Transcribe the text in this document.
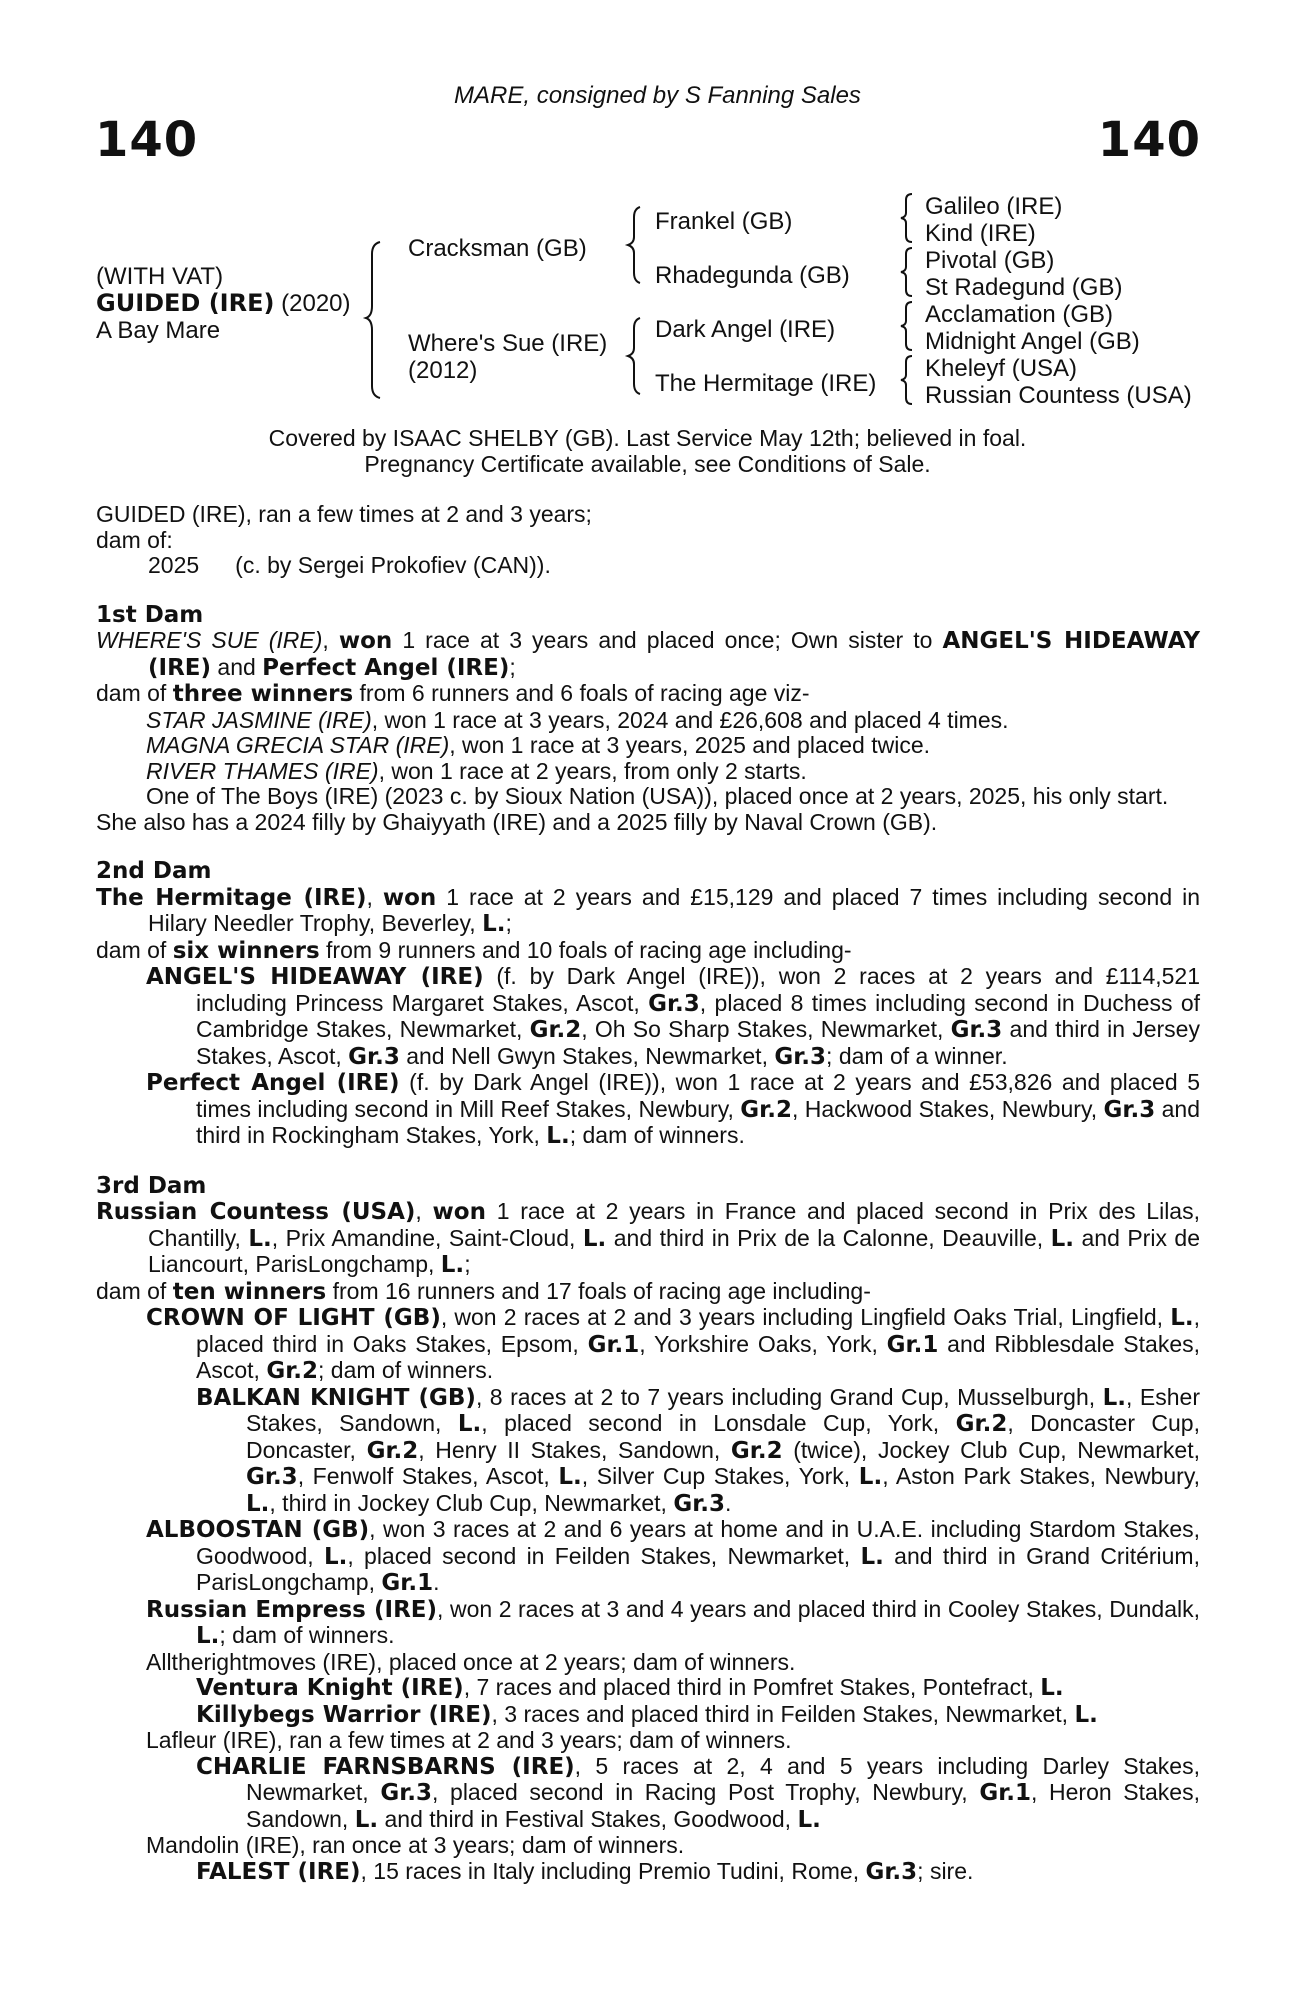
140	140
MARE, consigned by S Fanning Sales
(WITH VAT)
GUIDED (IRE) (2020)
A Bay Mare
Cracksman (GB)
Where's Sue (IRE)
(2012)
Frankel (GB)
Rhadegunda (GB)
Dark Angel (IRE)
The Hermitage (IRE)
Galileo (IRE)
Kind (IRE)
Pivotal (GB)
St Radegund (GB)
Acclamation (GB)
Midnight Angel (GB)
Kheleyf (USA)
Russian Countess (USA)
Covered by ISAAC SHELBY (GB). Last Service May 12th; believed in foal.
Pregnancy Certificate available, see Conditions of Sale.

GUIDED (IRE), ran a few times at 2 and 3 years;

dam of:

2025 (c. by Sergei Prokofiev (CAN)).

1st Dam

WHERE'S SUE (IRE), won 1 race at 3 years and placed once; Own sister to ANGEL'S HIDEAWAY (IRE) and Perfect Angel (IRE);

dam of three winners from 6 runners and 6 foals of racing age viz-

STAR JASMINE (IRE), won 1 race at 3 years, 2024 and £26,608 and placed 4 times.

MAGNA GRECIA STAR (IRE), won 1 race at 3 years, 2025 and placed twice.

RIVER THAMES (IRE), won 1 race at 2 years, from only 2 starts.

One of The Boys (IRE) (2023 c. by Sioux Nation (USA)), placed once at 2 years, 2025, his only start.

She also has a 2024 filly by Ghaiyyath (IRE) and a 2025 filly by Naval Crown (GB).

2nd Dam

The Hermitage (IRE), won 1 race at 2 years and £15,129 and placed 7 times including second in Hilary Needler Trophy, Beverley, L.;

dam of six winners from 9 runners and 10 foals of racing age including-

ANGEL'S HIDEAWAY (IRE) (f. by Dark Angel (IRE)), won 2 races at 2 years and £114,521 including Princess Margaret Stakes, Ascot, Gr.3, placed 8 times including second in Duchess of Cambridge Stakes, Newmarket, Gr.2, Oh So Sharp Stakes, Newmarket, Gr.3 and third in Jersey Stakes, Ascot, Gr.3 and Nell Gwyn Stakes, Newmarket, Gr.3; dam of a winner.

Perfect Angel (IRE) (f. by Dark Angel (IRE)), won 1 race at 2 years and £53,826 and placed 5 times including second in Mill Reef Stakes, Newbury, Gr.2, Hackwood Stakes, Newbury, Gr.3 and third in Rockingham Stakes, York, L.; dam of winners.

3rd Dam

Russian Countess (USA), won 1 race at 2 years in France and placed second in Prix des Lilas, Chantilly, L., Prix Amandine, Saint-Cloud, L. and third in Prix de la Calonne, Deauville, L. and Prix de Liancourt, ParisLongchamp, L.;

dam of ten winners from 16 runners and 17 foals of racing age including-

CROWN OF LIGHT (GB), won 2 races at 2 and 3 years including Lingfield Oaks Trial, Lingfield, L., placed third in Oaks Stakes, Epsom, Gr.1, Yorkshire Oaks, York, Gr.1 and Ribblesdale Stakes, Ascot, Gr.2; dam of winners.

BALKAN KNIGHT (GB), 8 races at 2 to 7 years including Grand Cup, Musselburgh, L., Esher Stakes, Sandown, L., placed second in Lonsdale Cup, York, Gr.2, Doncaster Cup, Doncaster, Gr.2, Henry II Stakes, Sandown, Gr.2 (twice), Jockey Club Cup, Newmarket, Gr.3, Fenwolf Stakes, Ascot, L., Silver Cup Stakes, York, L., Aston Park Stakes, Newbury, L., third in Jockey Club Cup, Newmarket, Gr.3.

ALBOOSTAN (GB), won 3 races at 2 and 6 years at home and in U.A.E. including Stardom Stakes, Goodwood, L., placed second in Feilden Stakes, Newmarket, L. and third in Grand Critérium, ParisLongchamp, Gr.1.

Russian Empress (IRE), won 2 races at 3 and 4 years and placed third in Cooley Stakes, Dundalk, L.; dam of winners.

Alltherightmoves (IRE), placed once at 2 years; dam of winners.

Ventura Knight (IRE), 7 races and placed third in Pomfret Stakes, Pontefract, L.

Killybegs Warrior (IRE), 3 races and placed third in Feilden Stakes, Newmarket, L.

Lafleur (IRE), ran a few times at 2 and 3 years; dam of winners.

CHARLIE FARNSBARNS (IRE), 5 races at 2, 4 and 5 years including Darley Stakes, Newmarket, Gr.3, placed second in Racing Post Trophy, Newbury, Gr.1, Heron Stakes, Sandown, L. and third in Festival Stakes, Goodwood, L.

Mandolin (IRE), ran once at 3 years; dam of winners.

FALEST (IRE), 15 races in Italy including Premio Tudini, Rome, Gr.3; sire.
